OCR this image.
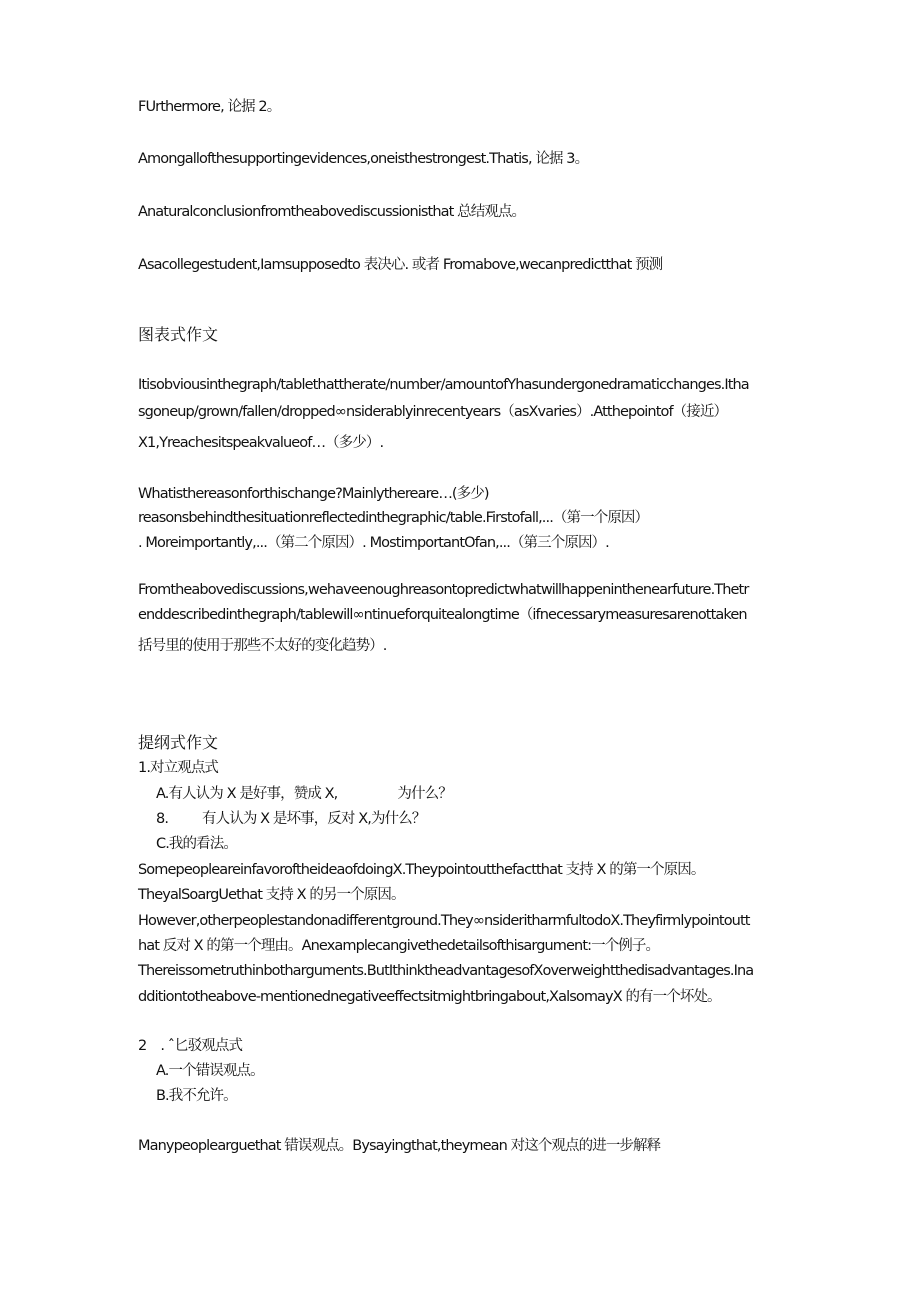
FUrthermore, 论据 2。
Amongallofthesupportingevidences,oneisthestrongest.Thatis, 论据 3。
Anaturalconclusionfromtheabovediscussionisthat 总结观点。
Asacollegestudent,Iamsupposedto 表决心. 或者 Fromabove,wecanpredictthat 预测
图表式作文
Itisobviousinthegraph/tablethattherate/number/amountofYhasundergonedramaticchanges.Itha
sgoneup/grown/fallen/dropped∞nsiderablyinrecentyears（asXvaries）.Atthepointof（接近）
X1,Yreachesitspeakvalueof…（多少）.
Whatisthereasonforthischange?Mainlythereare…(多少)
reasonsbehindthesituationreflectedinthegraphic/table.Firstofall,...（第一个原因）
. Moreimportantly,...（第二个原因）. MostimportantOfan,...（第三个原因）.
Fromtheabovediscussions,wehaveenoughreasontopredictwhatwillhappeninthenearfuture.Thetr
enddescribedinthegraph/tablewill∞ntinueforquitealongtime（ifnecessarymeasuresarenottaken
括号里的使用于那些不太好的变化趋势）.
提纲式作文
1.对立观点式
A.有人认为 X 是好事，赞成 X,	为什么？
8. 有人认为 X 是坏事，反对 X,为什么？
C.我的看法。
SomepeopleareinfavoroftheideaofdoingX.Theypointoutthefactthat 支持 X 的第一个原因。
TheyalSoargUethat 支持 X 的另一个原因。
However,otherpeoplestandonadifferentground.They∞nsideritharmfultodoX.Theyfirmlypointoutt
hat 反对 X 的第一个理由。Anexamplecangivethedetailsofthisargument:一个例子。
Thereissometruthinbotharguments.ButIthinktheadvantagesofXoverweightthedisadvantages.Ina
dditiontotheabove-mentionednegativeeffectsitmightbringabout,XalsomayX 的有一个坏处。
2 . ˆ匕驳观点式
A.一个错误观点。
B.我不允许。
Manypeoplearguethat 错误观点。Bysayingthat,theymean 对这个观点的进一步解释
